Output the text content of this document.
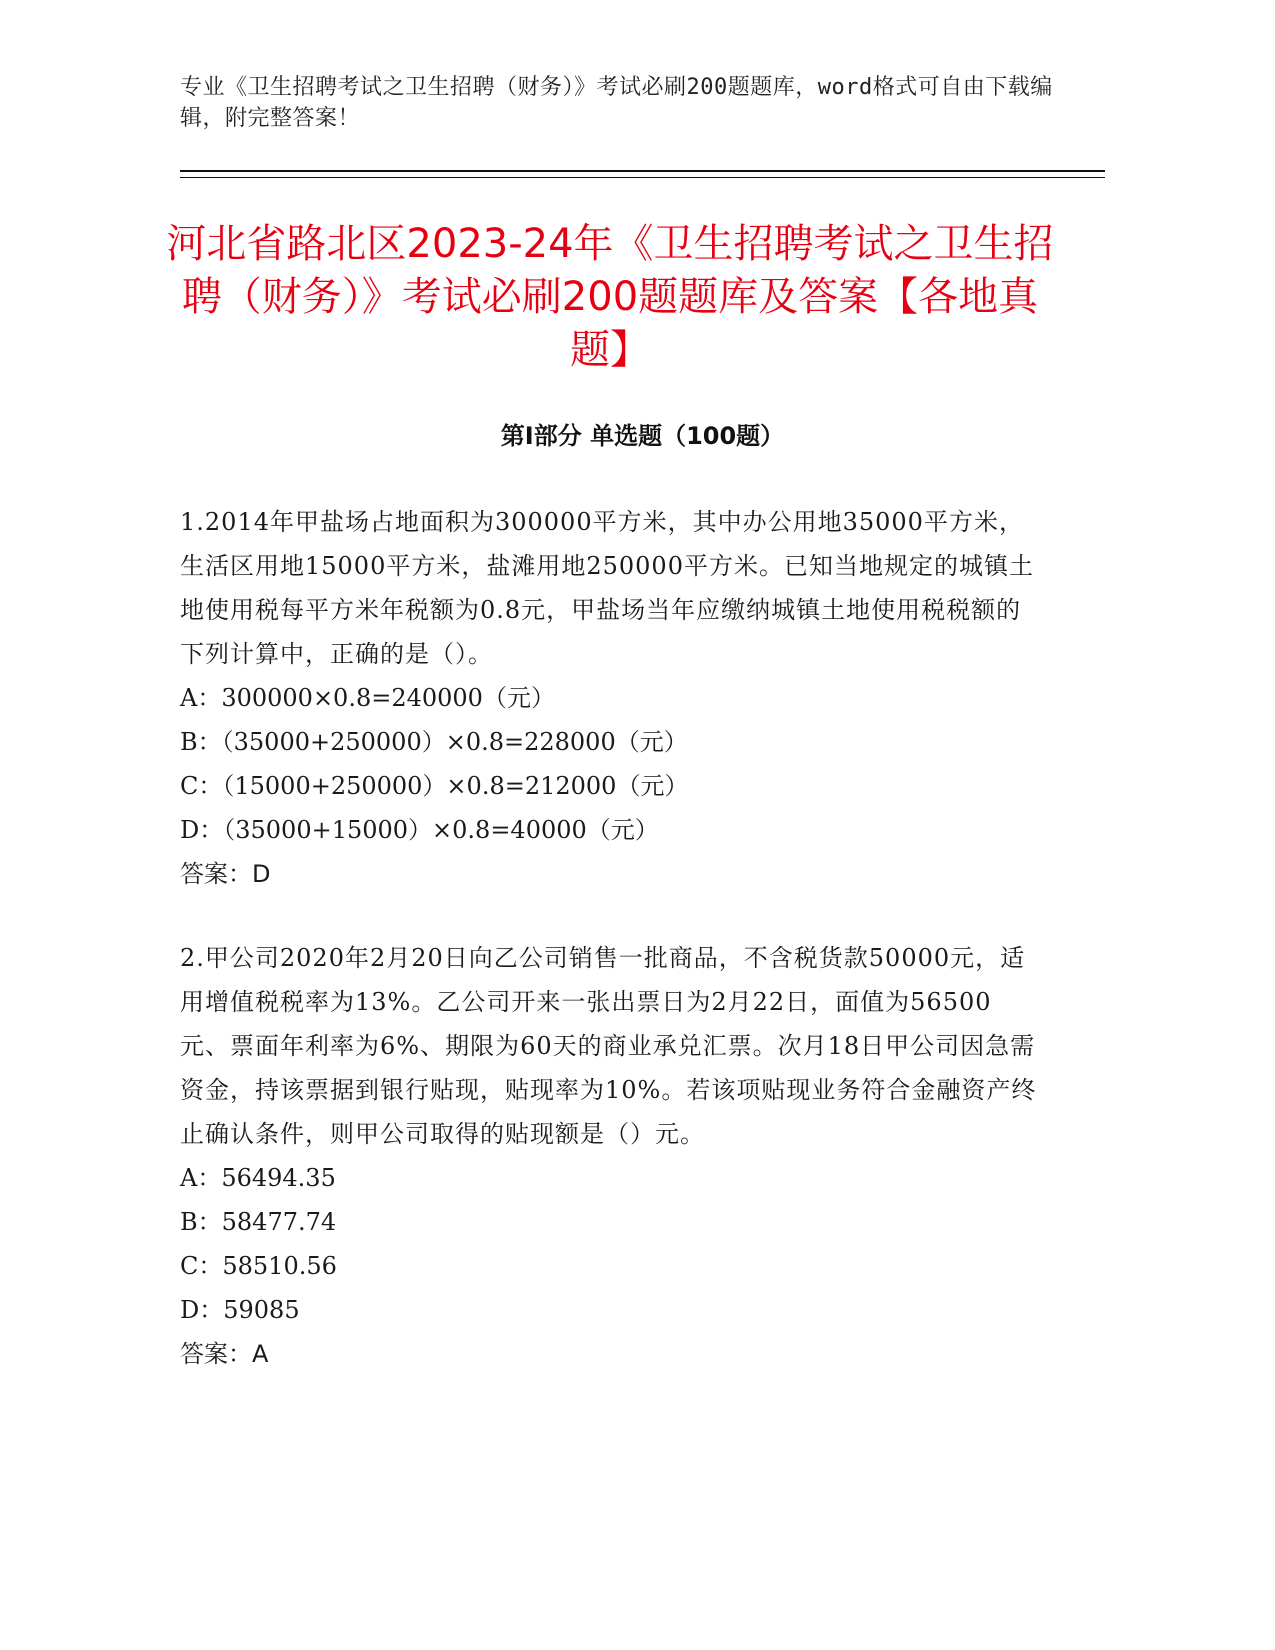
专业《卫生招聘考试之卫生招聘（财务）》考试必刷200题题库，word格式可自由下载编辑，附完整答案！
河北省路北区2023-24年《卫生招聘考试之卫生招聘（财务）》考试必刷200题题库及答案【各地真题】
第Ⅰ部分 单选题（100题）

1.2014年甲盐场占地面积为300000平方米，其中办公用地35000平方米，生活区用地15000平方米，盐滩用地250000平方米。已知当地规定的城镇土地使用税每平方米年税额为0.8元，甲盐场当年应缴纳城镇土地使用税税额的下列计算中，正确的是（）。

A：300000×0.8=240000（元）

B：（35000+250000）×0.8=228000（元）

C：（15000+250000）×0.8=212000（元）

D：（35000+15000）×0.8=40000（元）

答案：D

2.甲公司2020年2月20日向乙公司销售一批商品，不含税货款50000元，适用增值税税率为13%。乙公司开来一张出票日为2月22日，面值为56500元、票面年利率为6%、期限为60天的商业承兑汇票。次月18日甲公司因急需资金，持该票据到银行贴现，贴现率为10%。若该项贴现业务符合金融资产终止确认条件，则甲公司取得的贴现额是（）元。

A：56494.35

B：58477.74

C：58510.56

D：59085

答案：A
